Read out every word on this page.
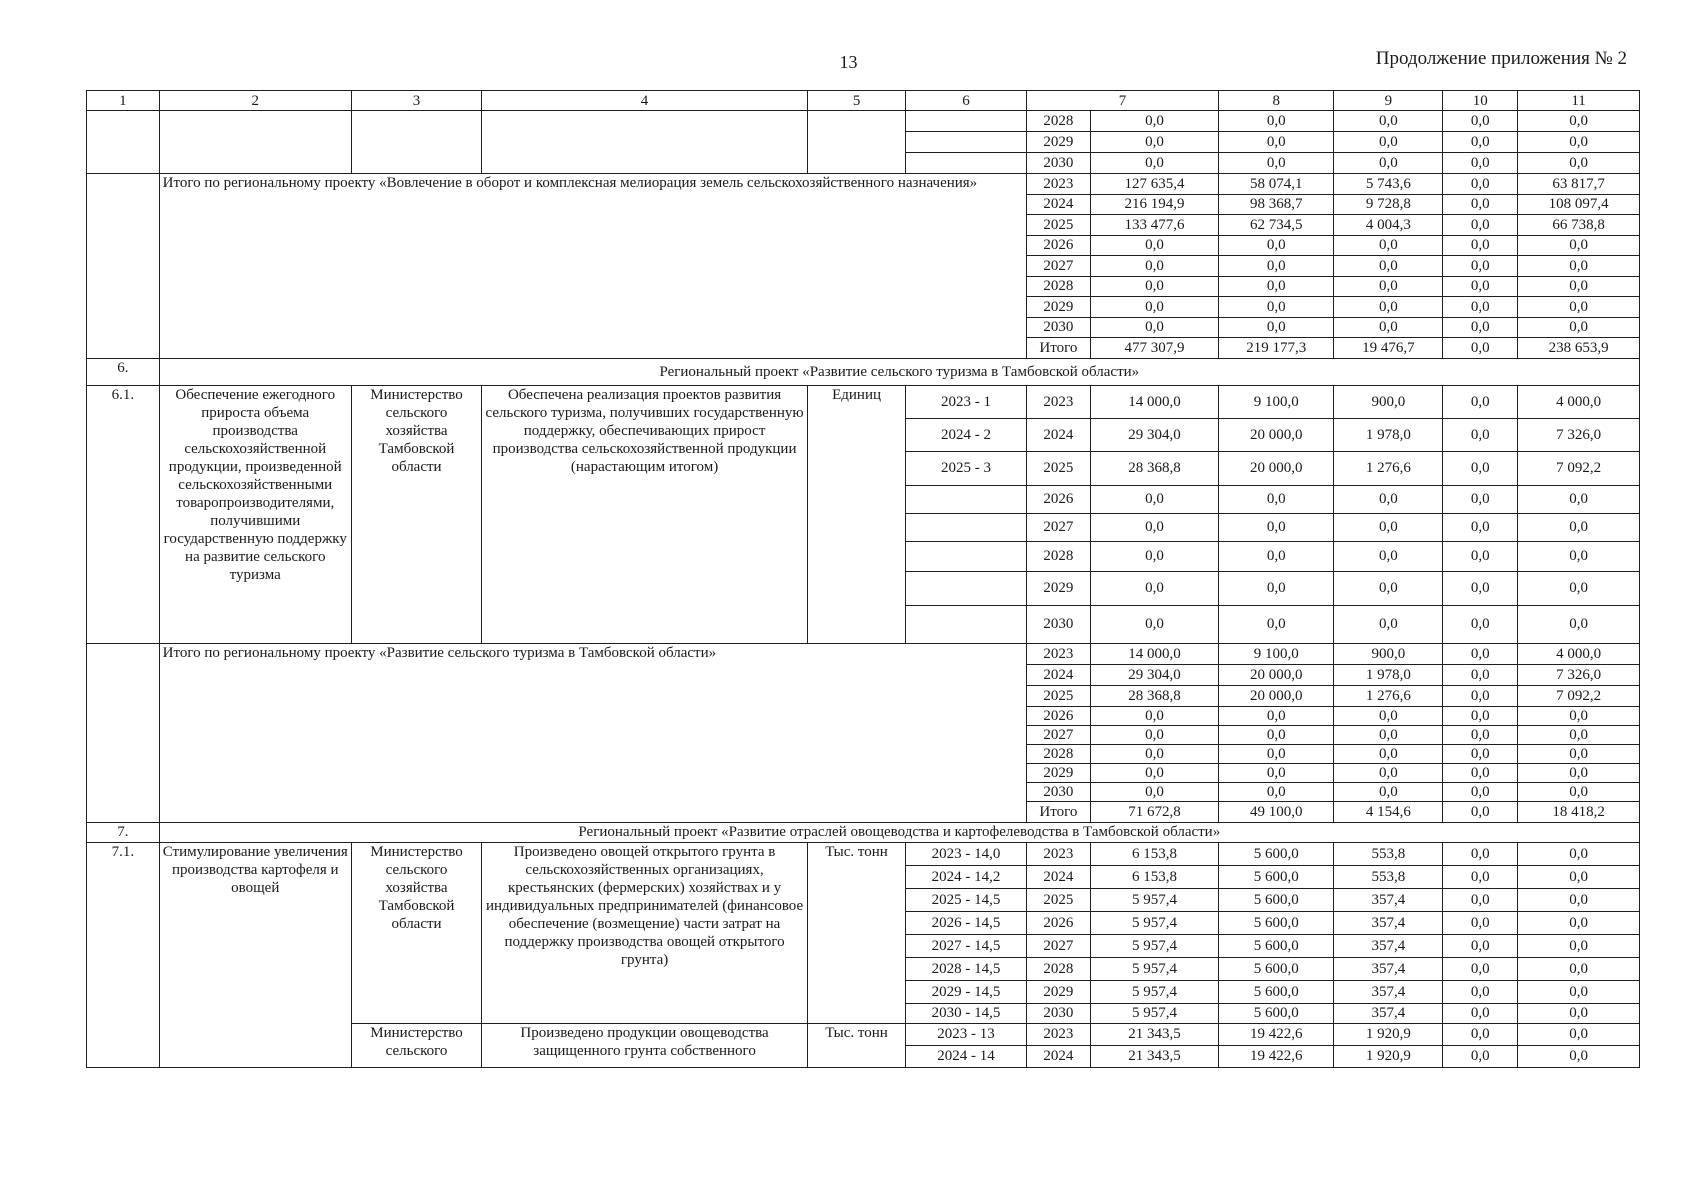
13	Продолжение приложения № 2
1	2	3	4	5	6	7		8	9	10	11
						2028	0,0	0,0	0,0	0,0	0,0
						2029	0,0	0,0	0,0	0,0	0,0
						2030	0,0	0,0	0,0	0,0	0,0
	Итого по региональному проекту «Вовлечение в оборот и комплексная мелиорация земель сельскохозяйственного назначения»					2023	127 635,4	58 074,1	5 743,6	0,0	63 817,7
						2024	216 194,9	98 368,7	9 728,8	0,0	108 097,4
						2025	133 477,6	62 734,5	4 004,3	0,0	66 738,8
						2026	0,0	0,0	0,0	0,0	0,0
						2027	0,0	0,0	0,0	0,0	0,0
						2028	0,0	0,0	0,0	0,0	0,0
						2029	0,0	0,0	0,0	0,0	0,0
						2030	0,0	0,0	0,0	0,0	0,0
						Итого	477 307,9	219 177,3	19 476,7	0,0	238 653,9
6.	Региональный проект «Развитие сельского туризма в Тамбовской области»										
6.1.	Обеспечение ежегодного прироста объема производства сельскохозяйственной продукции, произведенной сельскохозяйственными товаропроизводителями, получившими государственную поддержку на развитие сельского туризма	Министерство сельского хозяйства Тамбовской области	Обеспечена реализация проектов развития сельского туризма, получивших государственную поддержку, обеспечивающих прирост производства сельскохозяйственной продукции (нарастающим итогом)	Единиц	2023 - 1	2023	14 000,0	9 100,0	900,0	0,0	4 000,0
					2024 - 2	2024	29 304,0	20 000,0	1 978,0	0,0	7 326,0
					2025 - 3	2025	28 368,8	20 000,0	1 276,6	0,0	7 092,2
						2026	0,0	0,0	0,0	0,0	0,0
						2027	0,0	0,0	0,0	0,0	0,0
						2028	0,0	0,0	0,0	0,0	0,0
						2029	0,0	0,0	0,0	0,0	0,0
						2030	0,0	0,0	0,0	0,0	0,0
	Итого по региональному проекту «Развитие сельского туризма в Тамбовской области»					2023	14 000,0	9 100,0	900,0	0,0	4 000,0
						2024	29 304,0	20 000,0	1 978,0	0,0	7 326,0
						2025	28 368,8	20 000,0	1 276,6	0,0	7 092,2
						2026	0,0	0,0	0,0	0,0	0,0
						2027	0,0	0,0	0,0	0,0	0,0
						2028	0,0	0,0	0,0	0,0	0,0
						2029	0,0	0,0	0,0	0,0	0,0
						2030	0,0	0,0	0,0	0,0	0,0
						Итого	71 672,8	49 100,0	4 154,6	0,0	18 418,2
7.	Региональный проект «Развитие отраслей овощеводства и картофелеводства в Тамбовской области»										
7.1.	Стимулирование увеличения производства картофеля и овощей	Министерство сельского хозяйства Тамбовской области	Произведено овощей открытого грунта в сельскохозяйственных организациях, крестьянских (фермерских) хозяйствах и у индивидуальных предпринимателей (финансовое обеспечение (возмещение) части затрат на поддержку производства овощей открытого грунта)	Тыс. тонн	2023 - 14,0	2023	6 153,8	5 600,0	553,8	0,0	0,0
					2024 - 14,2	2024	6 153,8	5 600,0	553,8	0,0	0,0
					2025 - 14,5	2025	5 957,4	5 600,0	357,4	0,0	0,0
					2026 - 14,5	2026	5 957,4	5 600,0	357,4	0,0	0,0
					2027 - 14,5	2027	5 957,4	5 600,0	357,4	0,0	0,0
					2028 - 14,5	2028	5 957,4	5 600,0	357,4	0,0	0,0
					2029 - 14,5	2029	5 957,4	5 600,0	357,4	0,0	0,0
					2030 - 14,5	2030	5 957,4	5 600,0	357,4	0,0	0,0
		Министерство сельского	Произведено продукции овощеводства защищенного грунта собственного	Тыс. тонн	2023 - 13	2023	21 343,5	19 422,6	1 920,9	0,0	0,0
					2024 - 14	2024	21 343,5	19 422,6	1 920,9	0,0	0,0
